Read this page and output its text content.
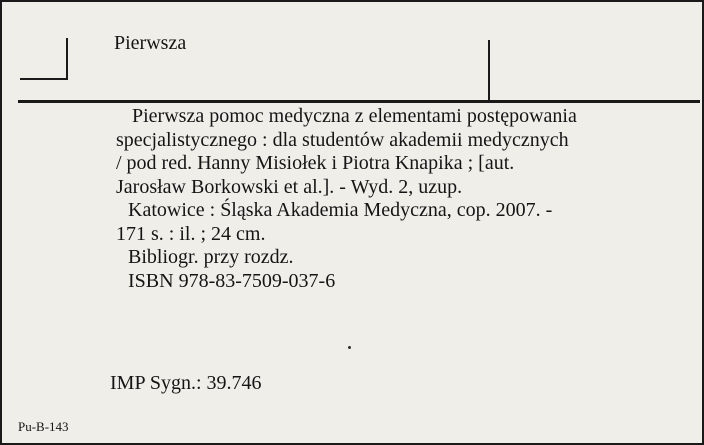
Pierwsza
Pierwsza pomoc medyczna z elementami postępowania
specjalistycznego : dla studentów akademii medycznych
/ pod red. Hanny Misiołek i Piotra Knapika ; [aut.
Jarosław Borkowski et al.]. - Wyd. 2, uzup.
Katowice : Śląska Akademia Medyczna, cop. 2007. -
171 s. : il. ; 24 cm.
Bibliogr. przy rozdz.
ISBN 978-83-7509-037-6
IMP Sygn.: 39.746
Pu-B-143
